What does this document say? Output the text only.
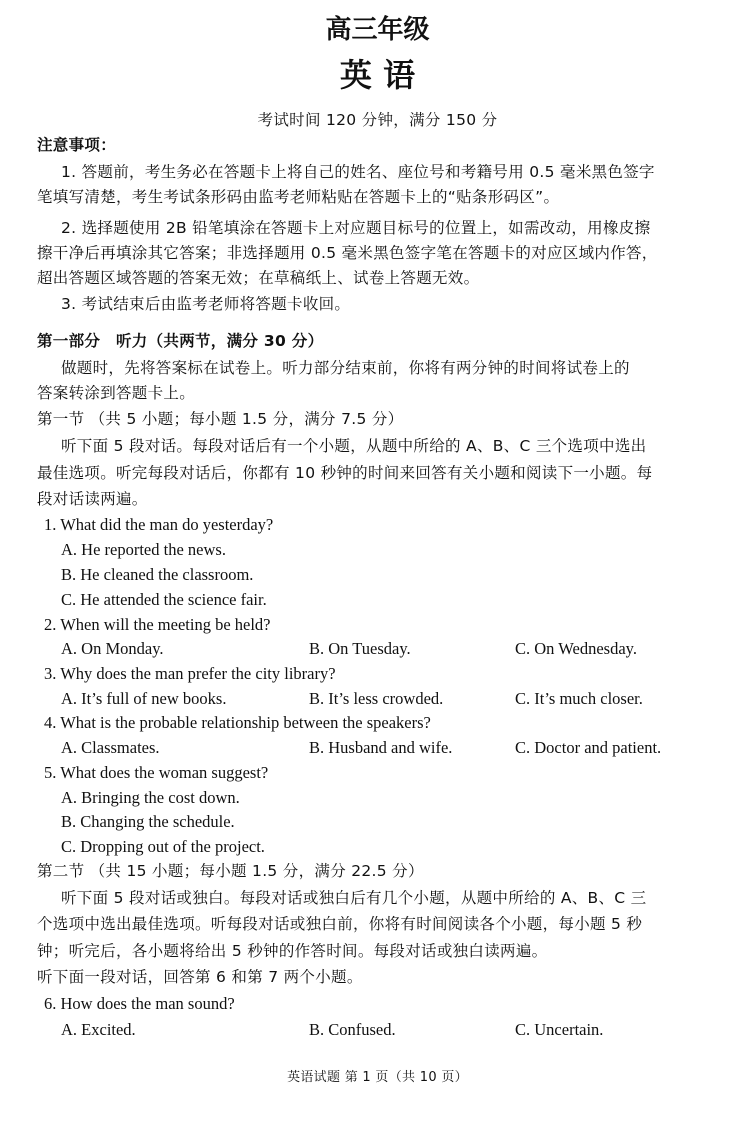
高三年级
英 语
考试时间 120 分钟，满分 150 分
注意事项：
1. 答题前，考生务必在答题卡上将自己的姓名、座位号和考籍号用 0.5 毫米黑色签字
笔填写清楚，考生考试条形码由监考老师粘贴在答题卡上的“贴条形码区”。
2. 选择题使用 2B 铅笔填涂在答题卡上对应题目标号的位置上，如需改动，用橡皮擦
擦干净后再填涂其它答案；非选择题用 0.5 毫米黑色签字笔在答题卡的对应区域内作答，
超出答题区域答题的答案无效；在草稿纸上、试卷上答题无效。
3. 考试结束后由监考老师将答题卡收回。
第一部分　听力（共两节，满分 30 分）
做题时，先将答案标在试卷上。听力部分结束前，你将有两分钟的时间将试卷上的
答案转涂到答题卡上。
第一节 （共 5 小题；每小题 1.5 分，满分 7.5 分）
听下面 5 段对话。每段对话后有一个小题，从题中所给的 A、B、C 三个选项中选出
最佳选项。听完每段对话后，你都有 10 秒钟的时间来回答有关小题和阅读下一小题。每
段对话读两遍。
1. What did the man do yesterday?
A. He reported the news.
B. He cleaned the classroom.
C. He attended the science fair.
2. When will the meeting be held?
A. On Monday.	B. On Tuesday.	C. On Wednesday.
3. Why does the man prefer the city library?
A. It’s full of new books.	B. It’s less crowded.	C. It’s much closer.
4. What is the probable relationship between the speakers?
A. Classmates.	B. Husband and wife.	C. Doctor and patient.
5. What does the woman suggest?
A. Bringing the cost down.
B. Changing the schedule.
C. Dropping out of the project.
第二节 （共 15 小题；每小题 1.5 分，满分 22.5 分）
听下面 5 段对话或独白。每段对话或独白后有几个小题，从题中所给的 A、B、C 三
个选项中选出最佳选项。听每段对话或独白前，你将有时间阅读各个小题，每小题 5 秒
钟；听完后，各小题将给出 5 秒钟的作答时间。每段对话或独白读两遍。
听下面一段对话，回答第 6 和第 7 两个小题。
6. How does the man sound?
A. Excited.	B. Confused.	C. Uncertain.
英语试题 第 1 页（共 10 页）
